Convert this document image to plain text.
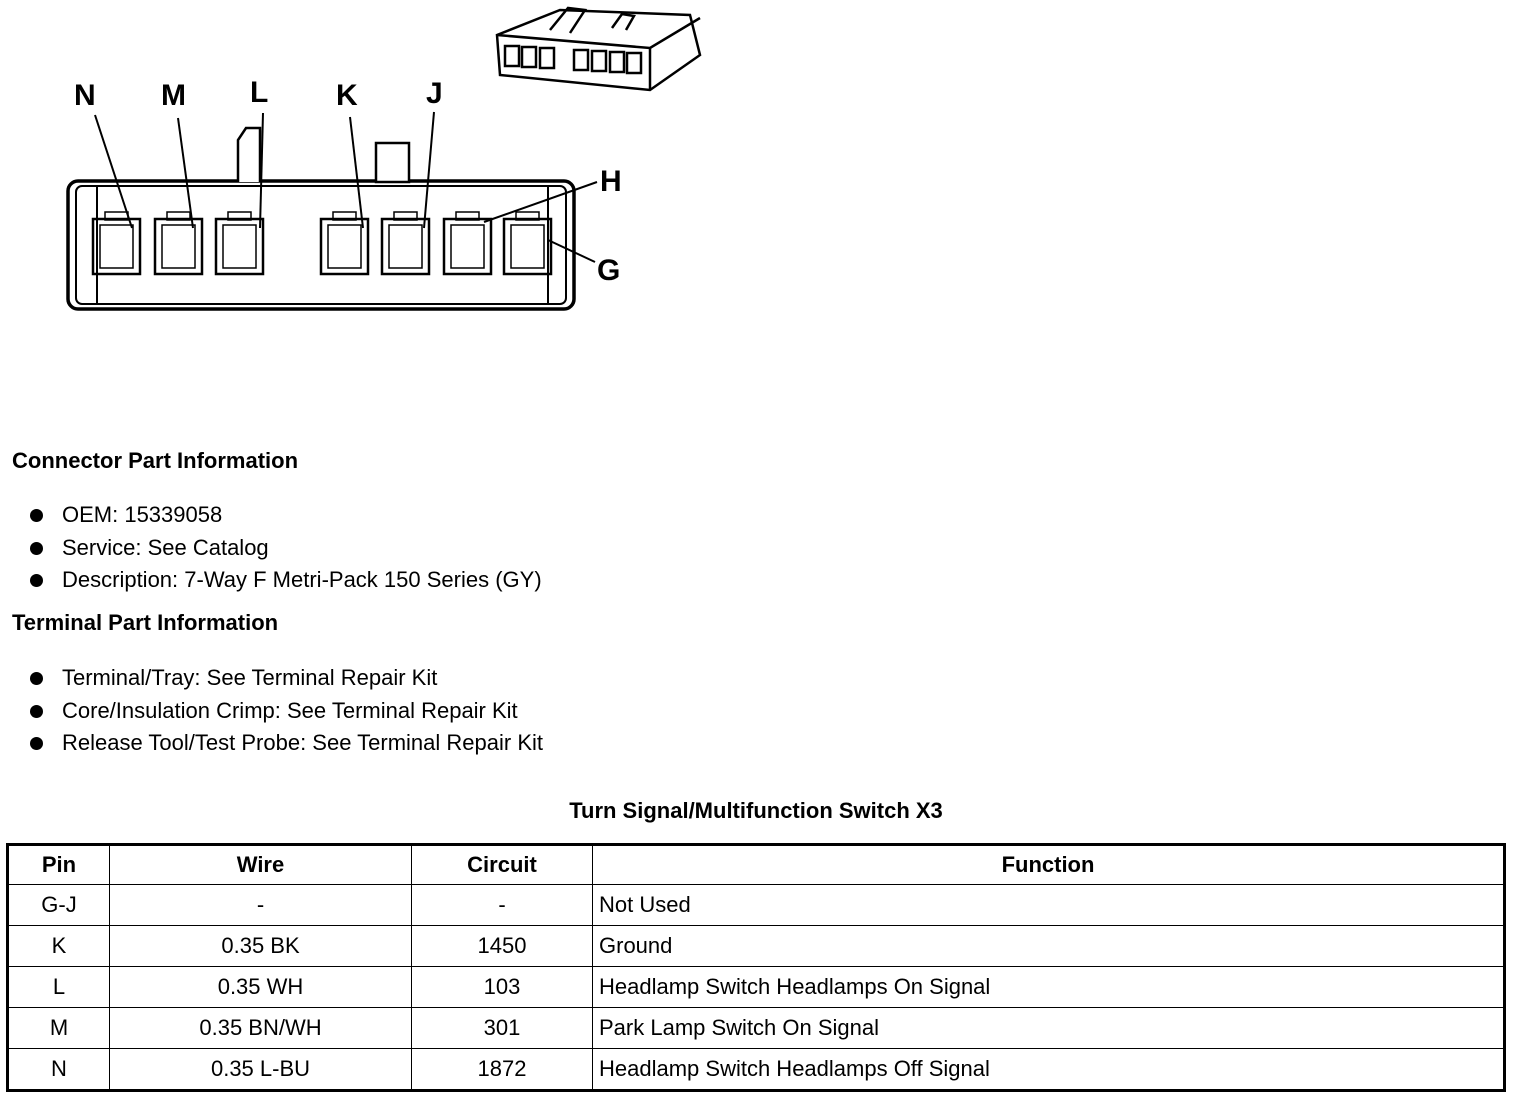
N M L K J
H
G
Connector Part Information
OEM: 15339058
Service: See Catalog
Description: 7-Way F Metri-Pack 150 Series (GY)
Terminal Part Information
Terminal/Tray: See Terminal Repair Kit
Core/Insulation Crimp: See Terminal Repair Kit
Release Tool/Test Probe: See Terminal Repair Kit
Turn Signal/Multifunction Switch X3
Pin	Wire	Circuit	Function
G-J	-	-	Not Used
K	0.35 BK	1450	Ground
L	0.35 WH	103	Headlamp Switch Headlamps On Signal
M	0.35 BN/WH	301	Park Lamp Switch On Signal
N	0.35 L-BU	1872	Headlamp Switch Headlamps Off Signal
